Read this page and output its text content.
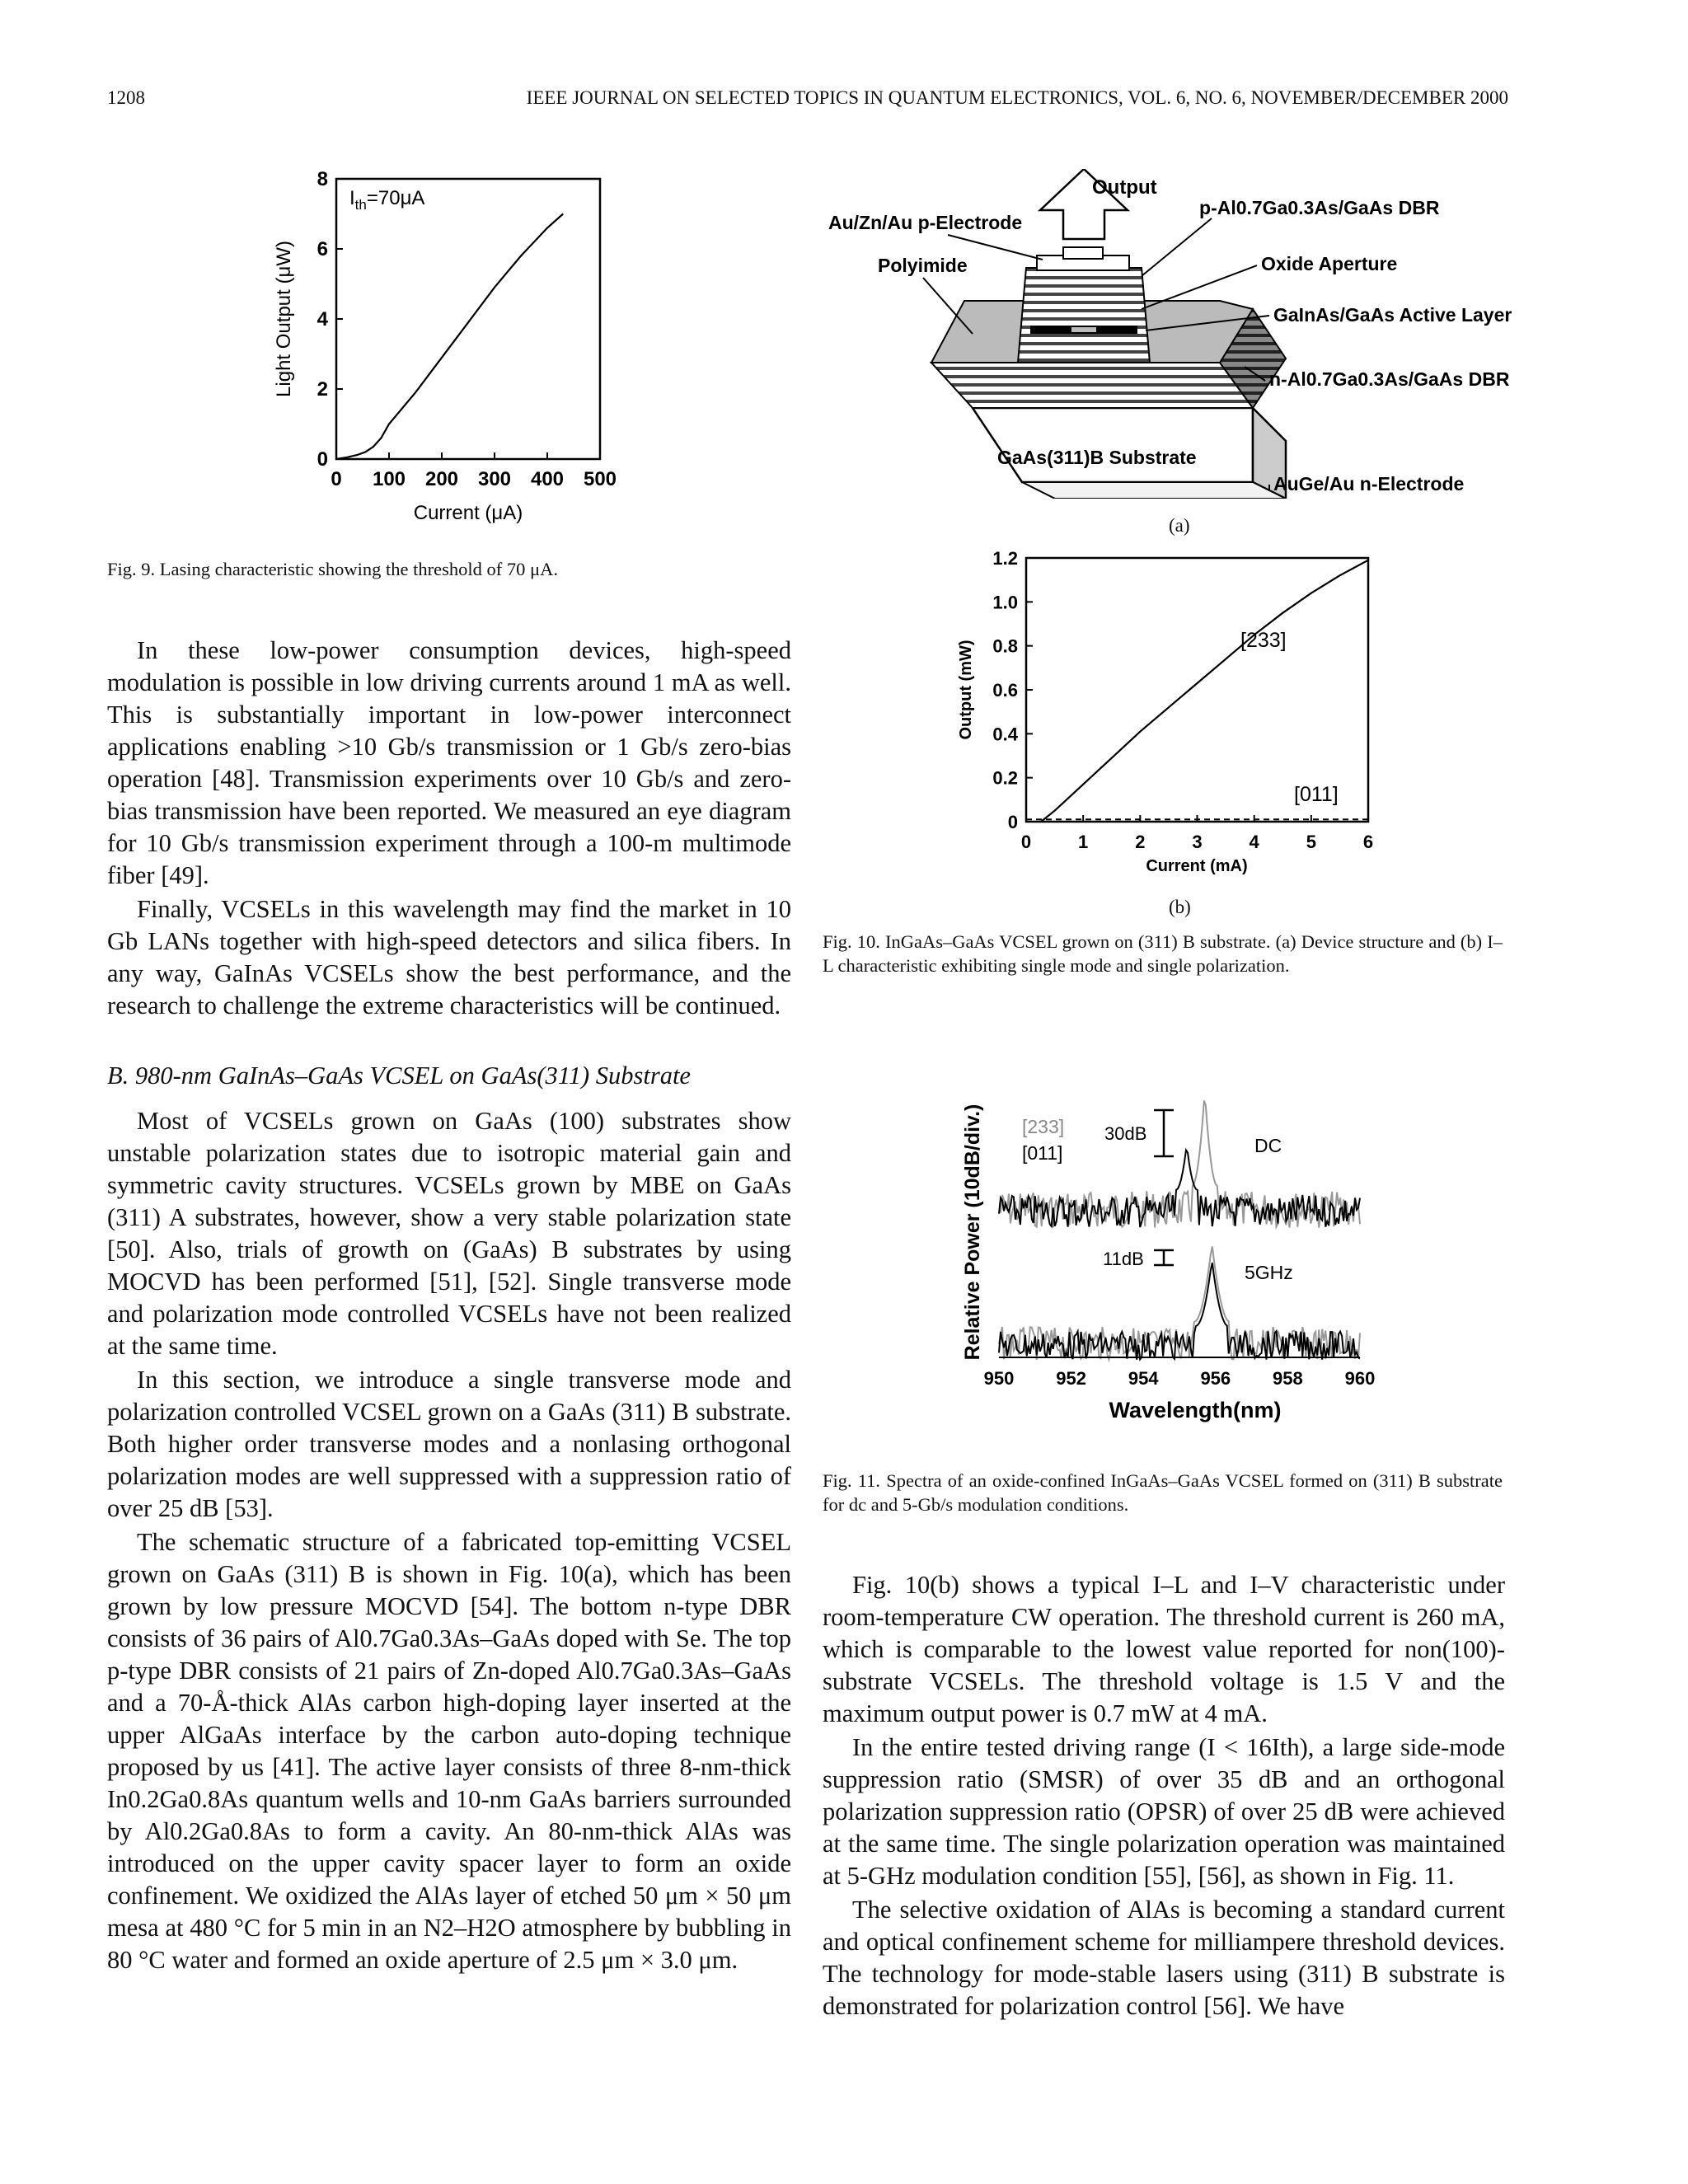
1208	IEEE JOURNAL ON SELECTED TOPICS IN QUANTUM ELECTRONICS, VOL. 6, NO. 6, NOVEMBER/DECEMBER 2000
0 100 200 300 400 500
0
2
4
6
8
$I_{th}=70\mu A$
Current (μA)
Light Output (μW)
Fig. 9. Lasing characteristic showing the threshold of 70 μA.
Output
Au/Zn/Au p-Electrode
Polyimide
p-Al0.7Ga0.3As/GaAs DBR
Oxide Aperture
GaInAs/GaAs Active Layer
n-Al0.7Ga0.3As/GaAs DBR
GaAs(311)B Substrate
AuGe/Au n-Electrode
(a)
0	1	2	3	4	5	6
0
0.2
0.4
0.6
0.8
1.0
1.2
[233]
[011]
Current (mA)
Output (mW)
(b)
Fig. 10. InGaAs–GaAs VCSEL grown on (311) B substrate. (a) Device structure and (b) I–L characteristic exhibiting single mode and single polarization.
950 952 954 956 958 960
[233]
[011]
30dB
DC
11dB
5GHz
Wavelength(nm)
Relative Power (10dB/div.)
Fig. 11. Spectra of an oxide-confined InGaAs–GaAs VCSEL formed on (311) B substrate for dc and 5-Gb/s modulation conditions.

In these low-power consumption devices, high-speed modulation is possible in low driving currents around 1 mA as well. This is substantially important in low-power interconnect applications enabling >10 Gb/s transmission or 1 Gb/s zero-bias operation [48]. Transmission experiments over 10 Gb/s and zero-bias transmission have been reported. We measured an eye diagram for 10 Gb/s transmission experiment through a 100-m multimode fiber [49].

Finally, VCSELs in this wavelength may find the market in 10 Gb LANs together with high-speed detectors and silica fibers. In any way, GaInAs VCSELs show the best performance, and the research to challenge the extreme characteristics will be continued.

B. 980-nm GaInAs–GaAs VCSEL on GaAs(311) Substrate

Most of VCSELs grown on GaAs (100) substrates show unstable polarization states due to isotropic material gain and symmetric cavity structures. VCSELs grown by MBE on GaAs (311) A substrates, however, show a very stable polarization state [50]. Also, trials of growth on (GaAs) B substrates by using MOCVD has been performed [51], [52]. Single transverse mode and polarization mode controlled VCSELs have not been realized at the same time.

In this section, we introduce a single transverse mode and polarization controlled VCSEL grown on a GaAs (311) B substrate. Both higher order transverse modes and a nonlasing orthogonal polarization modes are well suppressed with a suppression ratio of over 25 dB [53].

The schematic structure of a fabricated top-emitting VCSEL grown on GaAs (311) B is shown in Fig. 10(a), which has been grown by low pressure MOCVD [54]. The bottom n-type DBR consists of 36 pairs of Al0.7Ga0.3As–GaAs doped with Se. The top p-type DBR consists of 21 pairs of Zn-doped Al0.7Ga0.3As–GaAs and a 70-Å-thick AlAs carbon high-doping layer inserted at the upper AlGaAs interface by the carbon auto-doping technique proposed by us [41]. The active layer consists of three 8-nm-thick In0.2Ga0.8As quantum wells and 10-nm GaAs barriers surrounded by Al0.2Ga0.8As to form a cavity. An 80-nm-thick AlAs was introduced on the upper cavity spacer layer to form an oxide confinement. We oxidized the AlAs layer of etched 50 μm × 50 μm mesa at 480 °C for 5 min in an N2–H2O atmosphere by bubbling in 80 °C water and formed an oxide aperture of 2.5 μm × 3.0 μm.

Fig. 10(b) shows a typical I–L and I–V characteristic under room-temperature CW operation. The threshold current is 260 mA, which is comparable to the lowest value reported for non(100)-substrate VCSELs. The threshold voltage is 1.5 V and the maximum output power is 0.7 mW at 4 mA.

In the entire tested driving range (I < 16Ith), a large side-mode suppression ratio (SMSR) of over 35 dB and an orthogonal polarization suppression ratio (OPSR) of over 25 dB were achieved at the same time. The single polarization operation was maintained at 5-GHz modulation condition [55], [56], as shown in Fig. 11.

The selective oxidation of AlAs is becoming a standard current and optical confinement scheme for milliampere threshold devices. The technology for mode-stable lasers using (311) B substrate is demonstrated for polarization control [56]. We have
